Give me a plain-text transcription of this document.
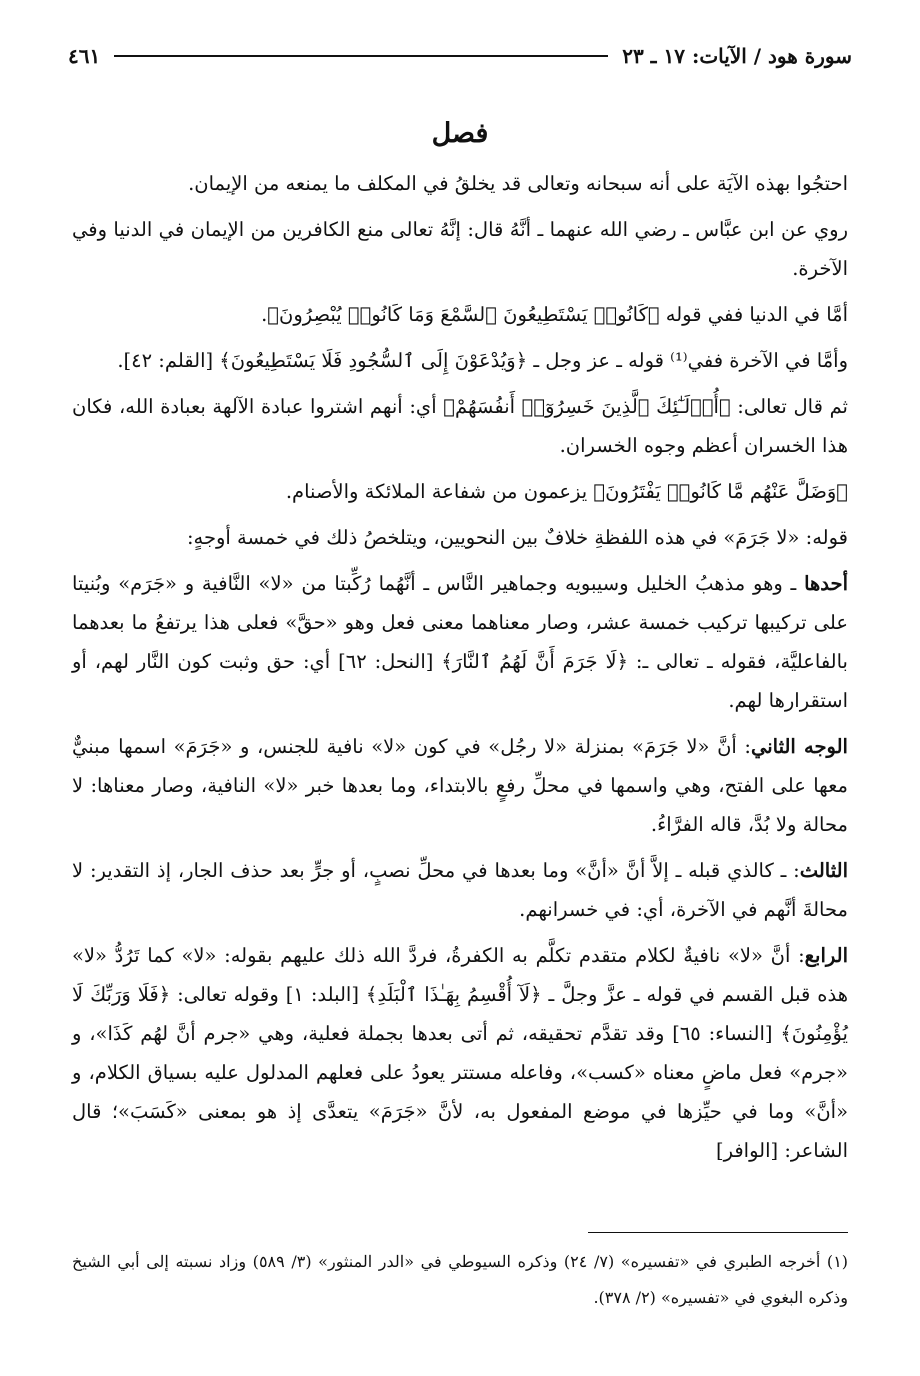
سورة هود / الآيات: ١٧ ـ ٢٣
٤٦١
فصل

احتجُوا بهذه الآيَة على أنه سبحانه وتعالى قد يخلقُ في المكلف ما يمنعه من الإيمان.

روي عن ابن عبَّاس ـ رضي الله عنهما ـ أنَّهُ قال: إنَّهُ تعالى منع الكافرين من الإيمان في الدنيا وفي الآخرة.

أمَّا في الدنيا ففي قوله ﴿كَانُوا۟ يَسْتَطِيعُونَ ٱلسَّمْعَ وَمَا كَانُوا۟ يُبْصِرُونَ﴾.

وأمَّا في الآخرة ففي⁽¹⁾ قوله ـ عز وجل ـ ﴿وَيُدْعَوْنَ إِلَى ٱلسُّجُودِ فَلَا يَسْتَطِيعُونَ﴾ [القلم: ٤٢].

ثم قال تعالى: ﴿أُو۟لَـٰٓئِكَ ٱلَّذِينَ خَسِرُوٓا۟ أَنفُسَهُمْ﴾ أي: أنهم اشتروا عبادة الآلهة بعبادة الله، فكان هذا الخسران أعظم وجوه الخسران.

﴿وَضَلَّ عَنْهُم مَّا كَانُوا۟ يَفْتَرُونَ﴾ يزعمون من شفاعة الملائكة والأصنام.

قوله: «لا جَرَمَ» في هذه اللفظةِ خلافٌ بين النحويين، ويتلخصُ ذلك في خمسة أوجهٍ:

أحدها ـ وهو مذهبُ الخليل وسيبويه وجماهير النَّاس ـ أنَّهُما رُكِّبتا من «لا» النَّافية و «جَرَم» وبُنيتا على تركيبها تركيب خمسة عشر، وصار معناهما معنى فعل وهو «حقَّ» فعلى هذا يرتفعُ ما بعدهما بالفاعليَّة، فقوله ـ تعالى ـ: ﴿لَا جَرَمَ أَنَّ لَهُمُ ٱلنَّارَ﴾ [النحل: ٦٢] أي: حق وثبت كون النَّار لهم، أو استقرارها لهم.

الوجه الثاني: أنَّ «لا جَرَمَ» بمنزلة «لا رجُل» في كون «لا» نافية للجنس، و «جَرَمَ» اسمها مبنيٌّ معها على الفتح، وهي واسمها في محلِّ رفعٍ بالابتداء، وما بعدها خبر «لا» النافية، وصار معناها: لا محالة ولا بُدَّ، قاله الفرَّاءُ.

الثالث: ـ كالذي قبله ـ إلاَّ أنَّ «أنَّ» وما بعدها في محلِّ نصبٍ، أو جرٍّ بعد حذف الجار، إذ التقدير: لا محالةَ أنَّهم في الآخرة، أي: في خسرانهم.

الرابع: أنَّ «لا» نافيةٌ لكلام متقدم تكلَّم به الكفرةُ، فردَّ الله ذلك عليهم بقوله: «لا» كما تَرُدُّ «لا» هذه قبل القسم في قوله ـ عزَّ وجلَّ ـ ﴿لَآ أُقْسِمُ بِهَـٰذَا ٱلْبَلَدِ﴾ [البلد: ١] وقوله تعالى: ﴿فَلَا وَرَبِّكَ لَا يُؤْمِنُونَ﴾ [النساء: ٦٥] وقد تقدَّم تحقيقه، ثم أتى بعدها بجملة فعلية، وهي «جرم أنَّ لهُم كَذَا»، و «جرم» فعل ماضٍ معناه «كسب»، وفاعله مستتر يعودُ على فعلهم المدلول عليه بسياق الكلام، و «أنَّ» وما في حيِّزها في موضع المفعول به، لأنَّ «جَرَمَ» يتعدَّى إذ هو بمعنى «كَسَبَ»؛ قال الشاعر: [الوافر]

(١) أخرجه الطبري في «تفسيره» (٧/ ٢٤) وذكره السيوطي في «الدر المنثور» (٣/ ٥٨٩) وزاد نسبته إلى أبي الشيخ وذكره البغوي في «تفسيره» (٢/ ٣٧٨).
